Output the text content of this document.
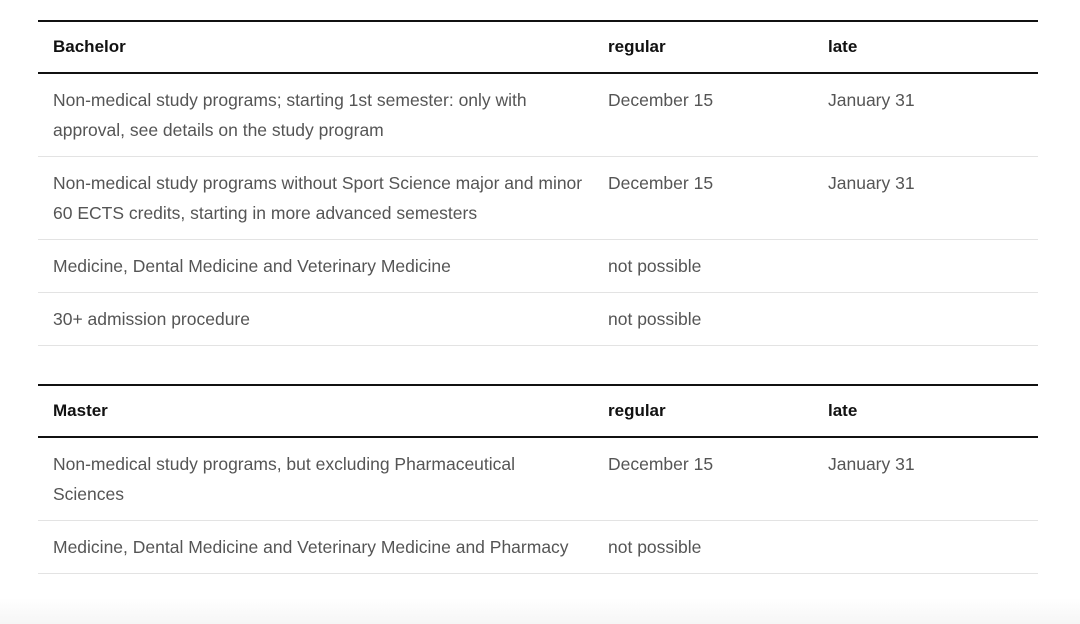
Bachelor	regular	late
Non-medical study programs; starting 1st semester: only with approval, see details on the study program	December 15	January 31
Non-medical study programs without Sport Science major and minor 60 ECTS credits, starting in more advanced semesters	December 15	January 31
Medicine, Dental Medicine and Veterinary Medicine	not possible	
30+ admission procedure	not possible	
Master	regular	late
Non-medical study programs, but excluding Pharmaceutical Sciences	December 15	January 31
Medicine, Dental Medicine and Veterinary Medicine and Pharmacy	not possible	
